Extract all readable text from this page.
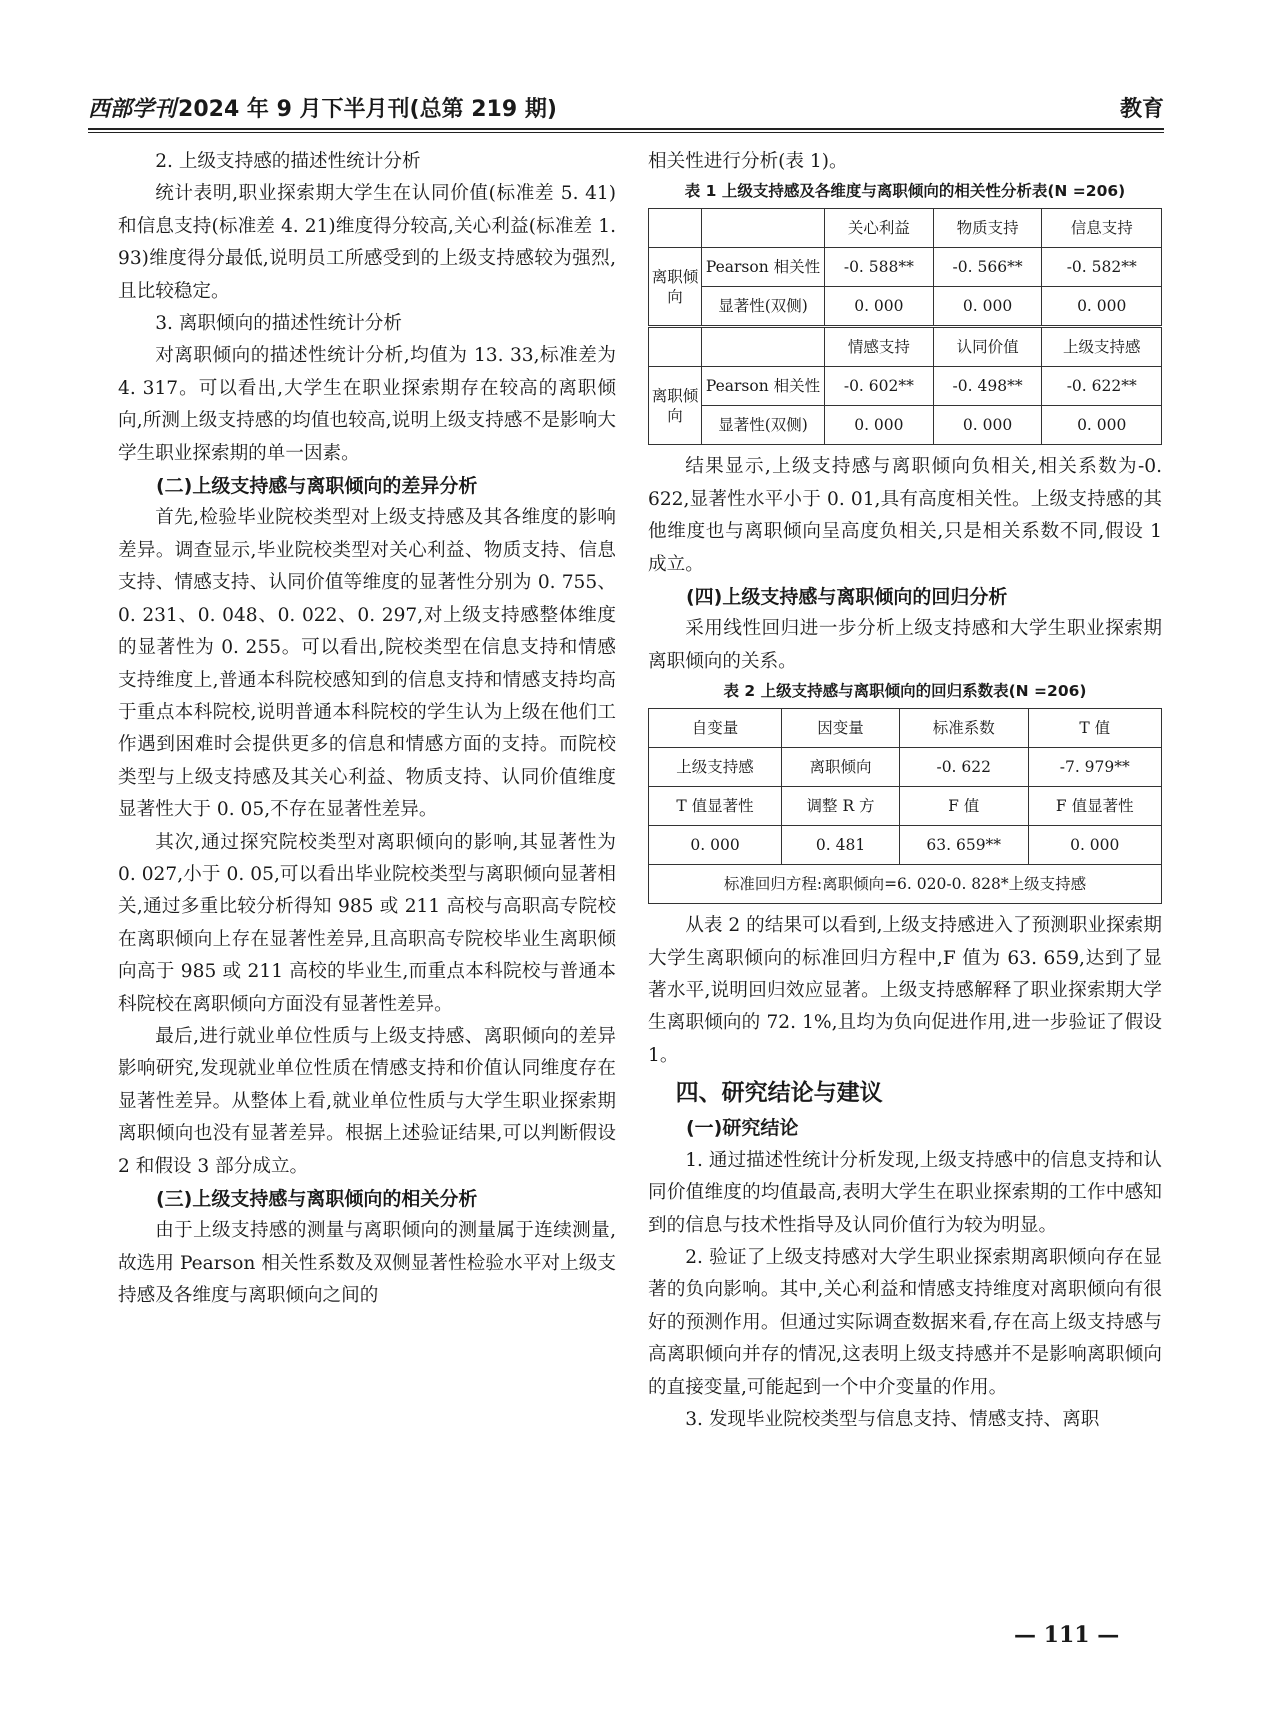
西部学刊2024 年 9 月下半月刊(总第 219 期)	教育
2. 上级支持感的描述性统计分析

统计表明,职业探索期大学生在认同价值(标准差 5. 41)和信息支持(标准差 4. 21)维度得分较高,关心利益(标准差 1. 93)维度得分最低,说明员工所感受到的上级支持感较为强烈,且比较稳定。

3. 离职倾向的描述性统计分析

对离职倾向的描述性统计分析,均值为 13. 33,标准差为 4. 317。可以看出,大学生在职业探索期存在较高的离职倾向,所测上级支持感的均值也较高,说明上级支持感不是影响大学生职业探索期的单一因素。

(二)上级支持感与离职倾向的差异分析

首先,检验毕业院校类型对上级支持感及其各维度的影响差异。调查显示,毕业院校类型对关心利益、物质支持、信息支持、情感支持、认同价值等维度的显著性分别为 0. 755、0. 231、0. 048、0. 022、0. 297,对上级支持感整体维度的显著性为 0. 255。可以看出,院校类型在信息支持和情感支持维度上,普通本科院校感知到的信息支持和情感支持均高于重点本科院校,说明普通本科院校的学生认为上级在他们工作遇到困难时会提供更多的信息和情感方面的支持。而院校类型与上级支持感及其关心利益、物质支持、认同价值维度显著性大于 0. 05,不存在显著性差异。

其次,通过探究院校类型对离职倾向的影响,其显著性为 0. 027,小于 0. 05,可以看出毕业院校类型与离职倾向显著相关,通过多重比较分析得知 985 或 211 高校与高职高专院校在离职倾向上存在显著性差异,且高职高专院校毕业生离职倾向高于 985 或 211 高校的毕业生,而重点本科院校与普通本科院校在离职倾向方面没有显著性差异。

最后,进行就业单位性质与上级支持感、离职倾向的差异影响研究,发现就业单位性质在情感支持和价值认同维度存在显著性差异。从整体上看,就业单位性质与大学生职业探索期离职倾向也没有显著差异。根据上述验证结果,可以判断假设 2 和假设 3 部分成立。

(三)上级支持感与离职倾向的相关分析

由于上级支持感的测量与离职倾向的测量属于连续测量,故选用 Pearson 相关性系数及双侧显著性检验水平对上级支持感及各维度与离职倾向之间的

相关性进行分析(表 1)。

表 1 上级支持感及各维度与离职倾向的相关性分析表(N =206)
		关心利益	物质支持	信息支持
离职倾向	Pearson 相关性	-0. 588**	-0. 566**	-0. 582**
	显著性(双侧)	0. 000	0. 000	0. 000
		情感支持	认同价值	上级支持感
离职倾向	Pearson 相关性	-0. 602**	-0. 498**	-0. 622**
	显著性(双侧)	0. 000	0. 000	0. 000

结果显示,上级支持感与离职倾向负相关,相关系数为-0. 622,显著性水平小于 0. 01,具有高度相关性。上级支持感的其他维度也与离职倾向呈高度负相关,只是相关系数不同,假设 1 成立。

(四)上级支持感与离职倾向的回归分析

采用线性回归进一步分析上级支持感和大学生职业探索期离职倾向的关系。

表 2 上级支持感与离职倾向的回归系数表(N =206)
自变量	因变量	标准系数	T 值
上级支持感	离职倾向	-0. 622	-7. 979**
T 值显著性	调整 R 方	F 值	F 值显著性
0. 000	0. 481	63. 659**	0. 000
标准回归方程:离职倾向=6. 020-0. 828*上级支持感			

从表 2 的结果可以看到,上级支持感进入了预测职业探索期大学生离职倾向的标准回归方程中,F 值为 63. 659,达到了显著水平,说明回归效应显著。上级支持感解释了职业探索期大学生离职倾向的 72. 1%,且均为负向促进作用,进一步验证了假设 1。

四、研究结论与建议
(一)研究结论

1. 通过描述性统计分析发现,上级支持感中的信息支持和认同价值维度的均值最高,表明大学生在职业探索期的工作中感知到的信息与技术性指导及认同价值行为较为明显。

2. 验证了上级支持感对大学生职业探索期离职倾向存在显著的负向影响。其中,关心利益和情感支持维度对离职倾向有很好的预测作用。但通过实际调查数据来看,存在高上级支持感与高离职倾向并存的情况,这表明上级支持感并不是影响离职倾向的直接变量,可能起到一个中介变量的作用。

3. 发现毕业院校类型与信息支持、情感支持、离职

— 111 —
